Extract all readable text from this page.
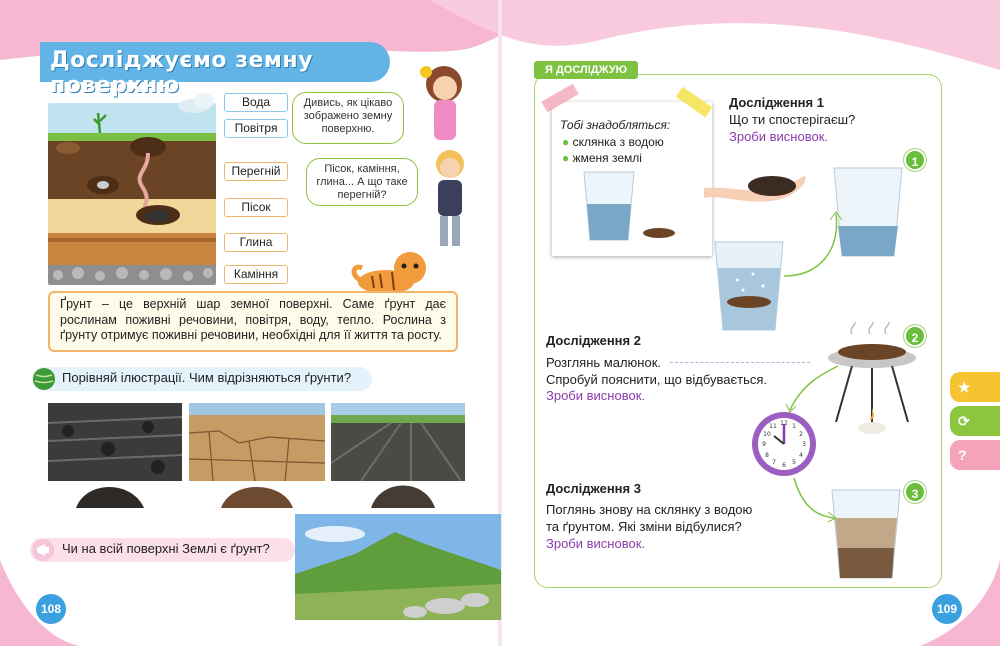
Досліджуємо земну поверхню
Вода
Повітря
Перегній
Пісок
Глина
Каміння
Дивись, як цікаво зображено земну поверхню.
Пісок, каміння, глина... А що таке перегній?
Ґрунт – це верхній шар земної поверхні. Саме ґрунт дає рослинам поживні речовини, повітря, воду, тепло. Рослина з ґрунту отримує поживні речовини, необхідні для її життя та росту.
Порівняй ілюстрації. Чим відрізняються ґрунти?
Чи на всій поверхні Землі є ґрунт?
108
Я ДОСЛІДЖУЮ
Тобі знадобляться:
● склянка з водою
● жменя землі
Дослідження 1
Що ти спостерігаєш?
Зроби висновок.
1
Дослідження 2
Розглянь малюнок.
Спробуй пояснити, що відбувається.
Зроби висновок.
2
12
3
6
9
1
2
4
5
7
8
10
11
Дослідження 3
Поглянь знову на склянку з водою
та ґрунтом. Які зміни відбулися?
Зроби висновок.
3
109
★
⟳
?
